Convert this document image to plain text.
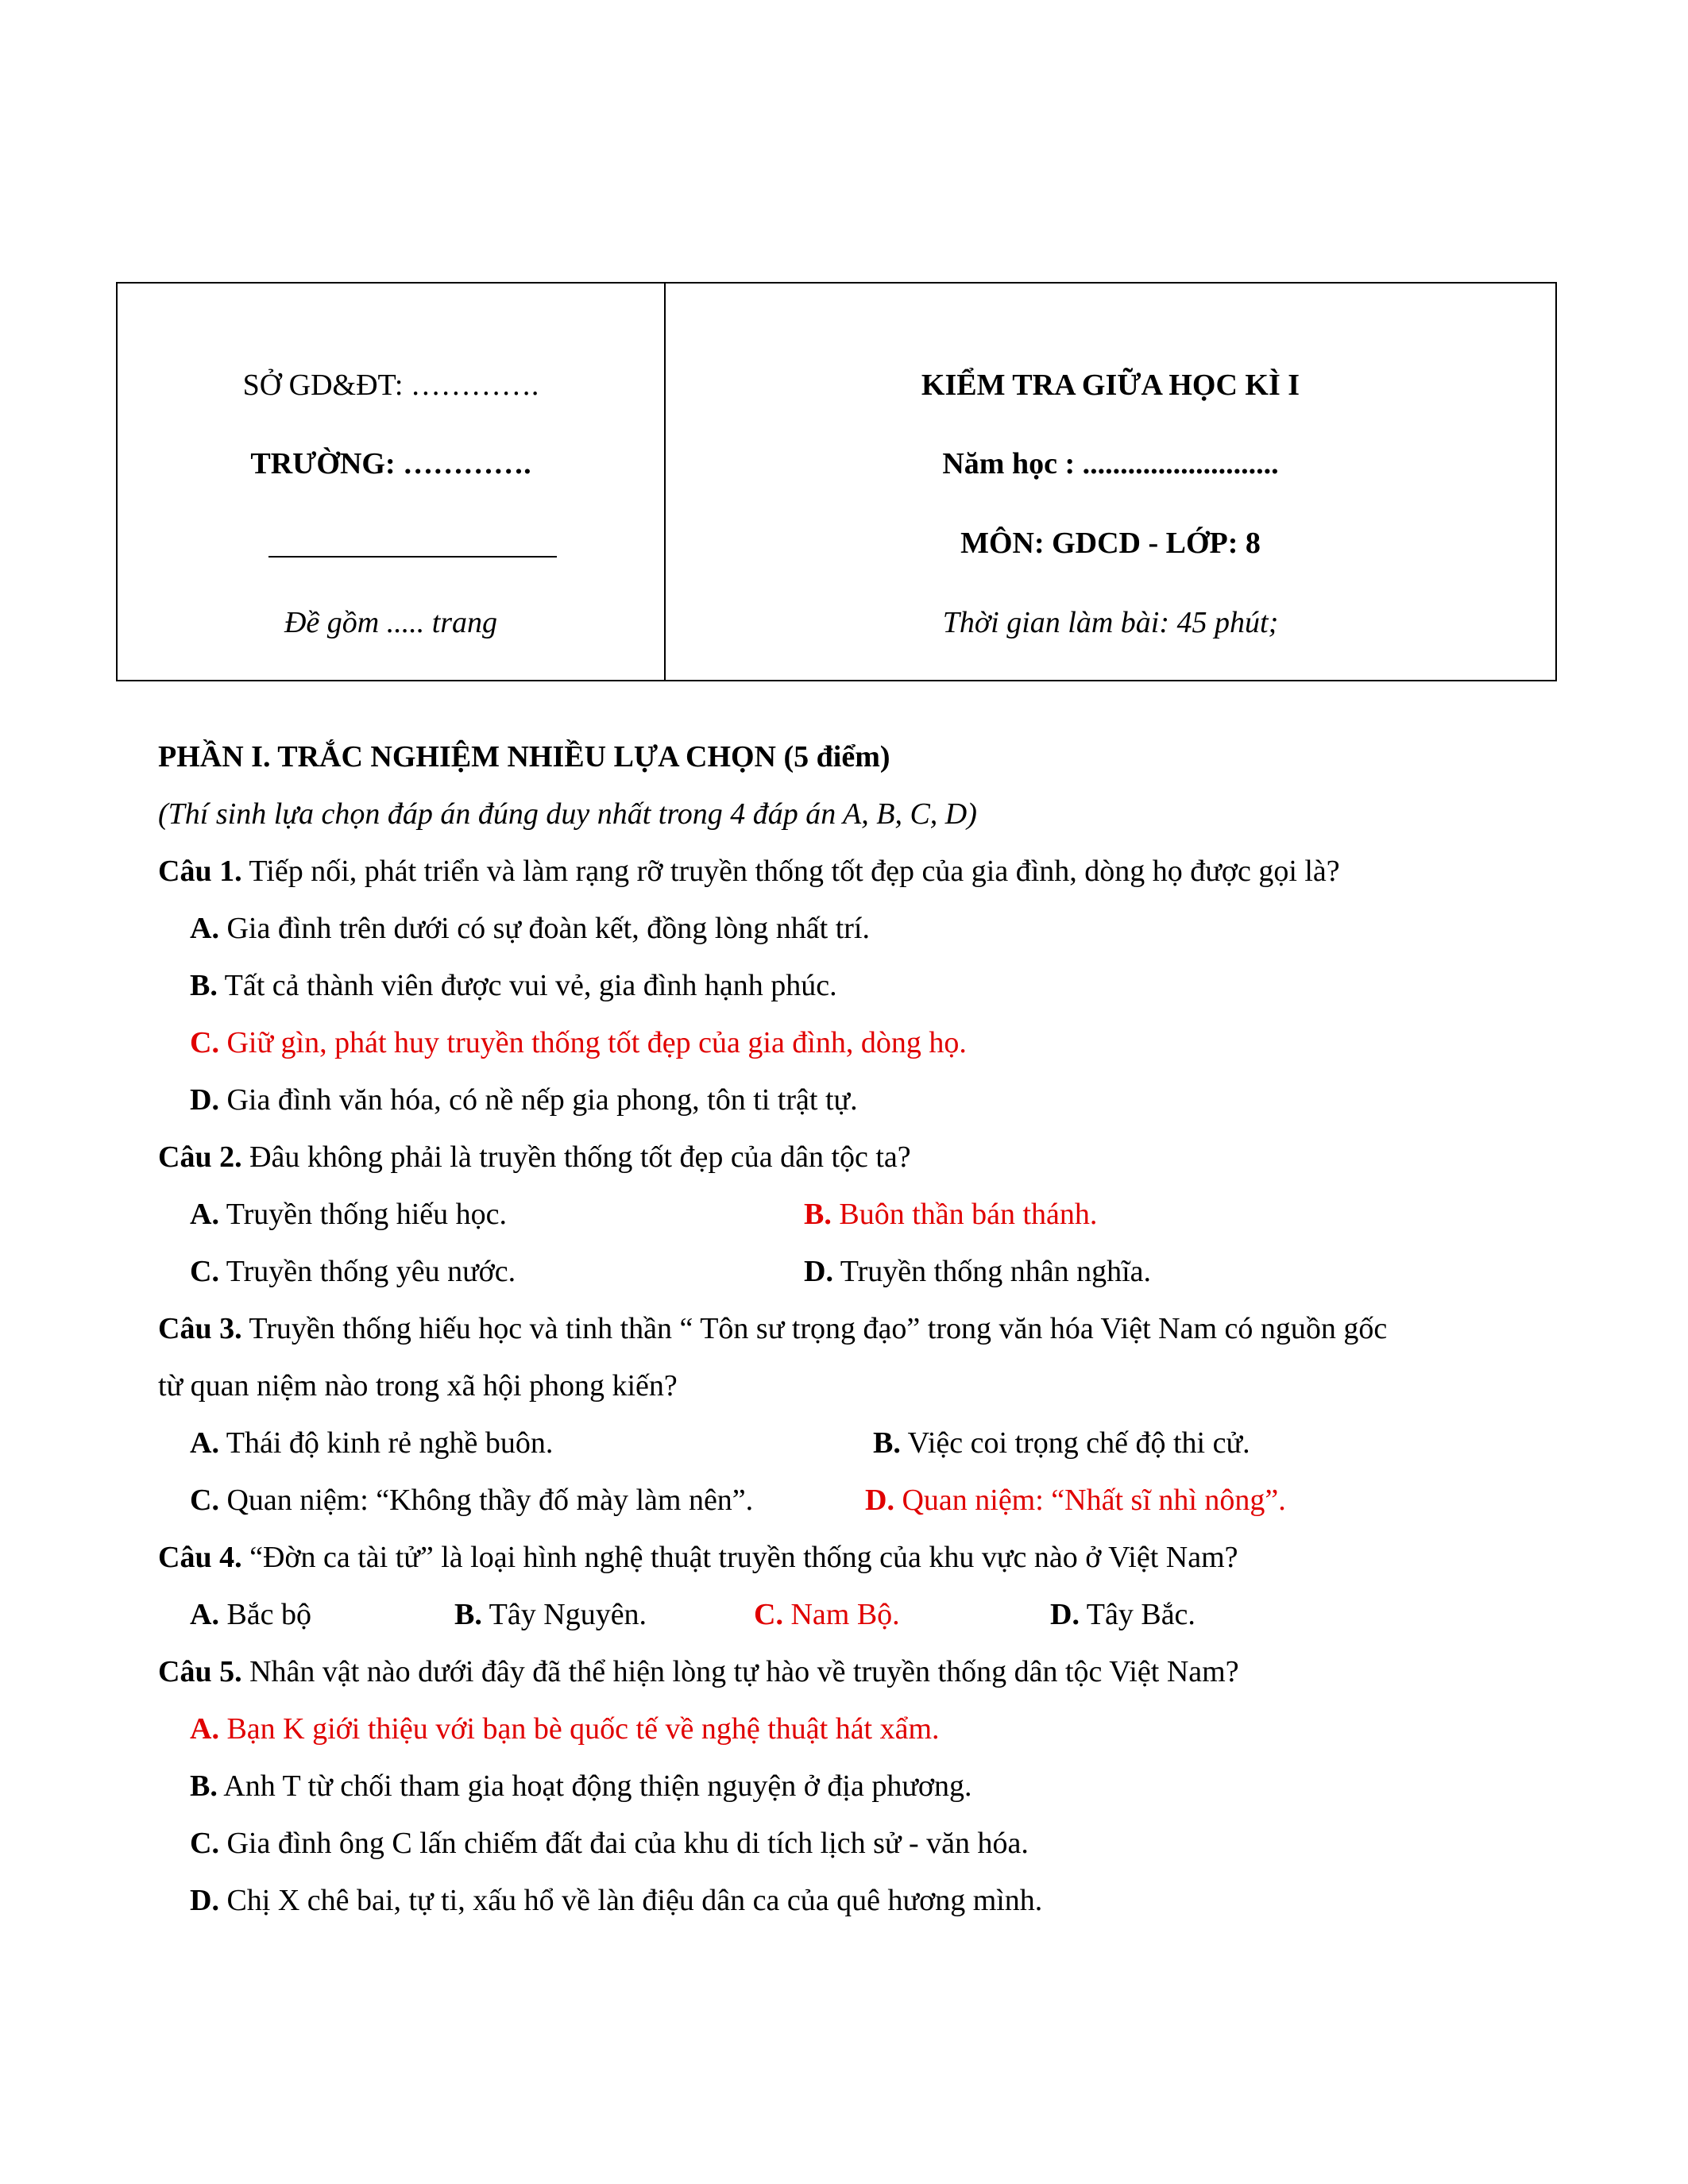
SỞ GD&ĐT: ………….
TRƯỜNG: ………….
Đề gồm ..... trang
KIỂM TRA GIỮA HỌC KÌ I
Năm học : ..........................
MÔN: GDCD - LỚP: 8
Thời gian làm bài: 45 phút;
PHẦN I. TRẮC NGHIỆM NHIỀU LỰA CHỌN (5 điểm)
(Thí sinh lựa chọn đáp án đúng duy nhất trong 4 đáp án A, B, C, D)
Câu 1. Tiếp nối, phát triển và làm rạng rỡ truyền thống tốt đẹp của gia đình, dòng họ được gọi là?
A. Gia đình trên dưới có sự đoàn kết, đồng lòng nhất trí.
B. Tất cả thành viên được vui vẻ, gia đình hạnh phúc.
C. Giữ gìn, phát huy truyền thống tốt đẹp của gia đình, dòng họ.
D. Gia đình văn hóa, có nề nếp gia phong, tôn ti trật tự.
Câu 2. Đâu không phải là truyền thống tốt đẹp của dân tộc ta?
A. Truyền thống hiếu học.	B. Buôn thần bán thánh.
C. Truyền thống yêu nước.	D. Truyền thống nhân nghĩa.
Câu 3. Truyền thống hiếu học và tinh thần “ Tôn sư trọng đạo” trong văn hóa Việt Nam có nguồn gốc
từ quan niệm nào trong xã hội phong kiến?
A. Thái độ kinh rẻ nghề buôn.	B. Việc coi trọng chế độ thi cử.
C. Quan niệm: “Không thầy đố mày làm nên”.	D. Quan niệm: “Nhất sĩ nhì nông”.
Câu 4. “Đờn ca tài tử” là loại hình nghệ thuật truyền thống của khu vực nào ở Việt Nam?
A. Bắc bộ	B. Tây Nguyên.	C. Nam Bộ.	D. Tây Bắc.
Câu 5. Nhân vật nào dưới đây đã thể hiện lòng tự hào về truyền thống dân tộc Việt Nam?
A. Bạn K giới thiệu với bạn bè quốc tế về nghệ thuật hát xẩm.
B. Anh T từ chối tham gia hoạt động thiện nguyện ở địa phương.
C. Gia đình ông C lấn chiếm đất đai của khu di tích lịch sử - văn hóa.
D. Chị X chê bai, tự ti, xấu hổ về làn điệu dân ca của quê hương mình.
